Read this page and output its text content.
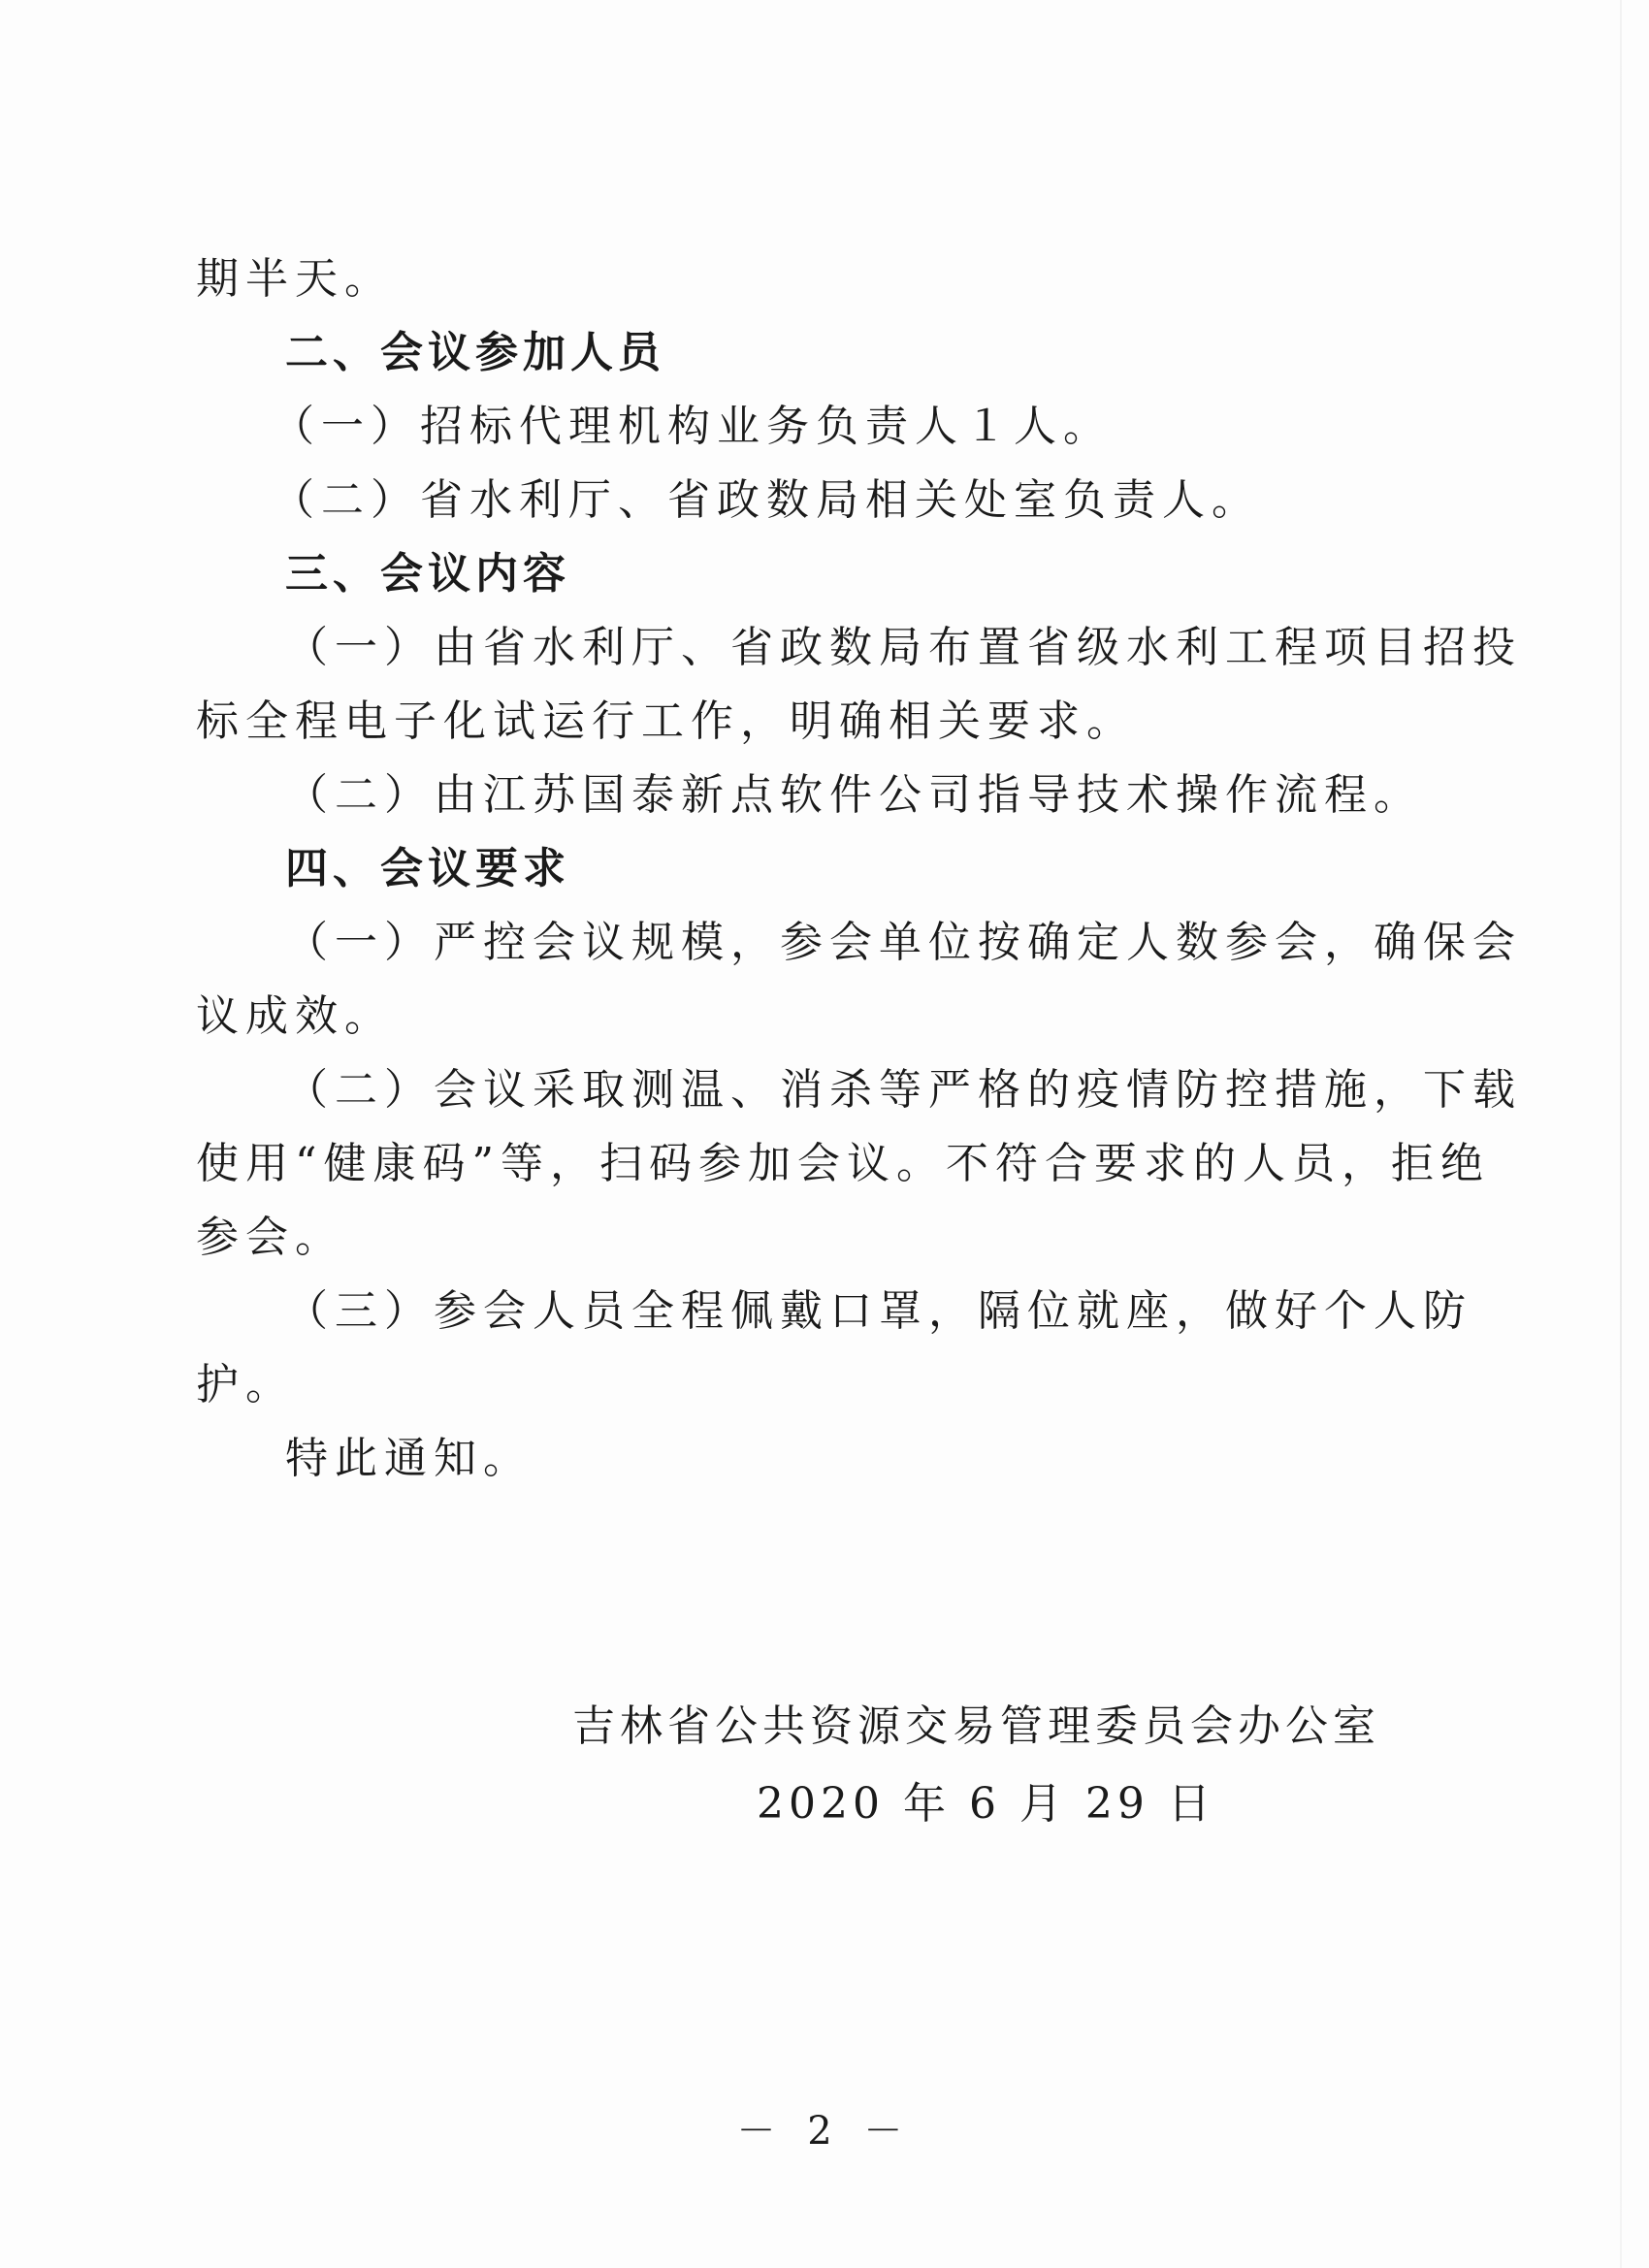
期半天。
二、会议参加人员
（一）招标代理机构业务负责人１人。
（二）省水利厅、省政数局相关处室负责人。
三、会议内容
（一）由省水利厅、省政数局布置省级水利工程项目招投
标全程电子化试运行工作，明确相关要求。
（二）由江苏国泰新点软件公司指导技术操作流程。
四、会议要求
（一）严控会议规模，参会单位按确定人数参会，确保会
议成效。
（二）会议采取测温、消杀等严格的疫情防控措施，下载
使用“健康码”等，扫码参加会议。不符合要求的人员，拒绝
参会。
（三）参会人员全程佩戴口罩，隔位就座，做好个人防
护。
特此通知。
吉林省公共资源交易管理委员会办公室
2020 年 6 月 29 日
－ 2 －
